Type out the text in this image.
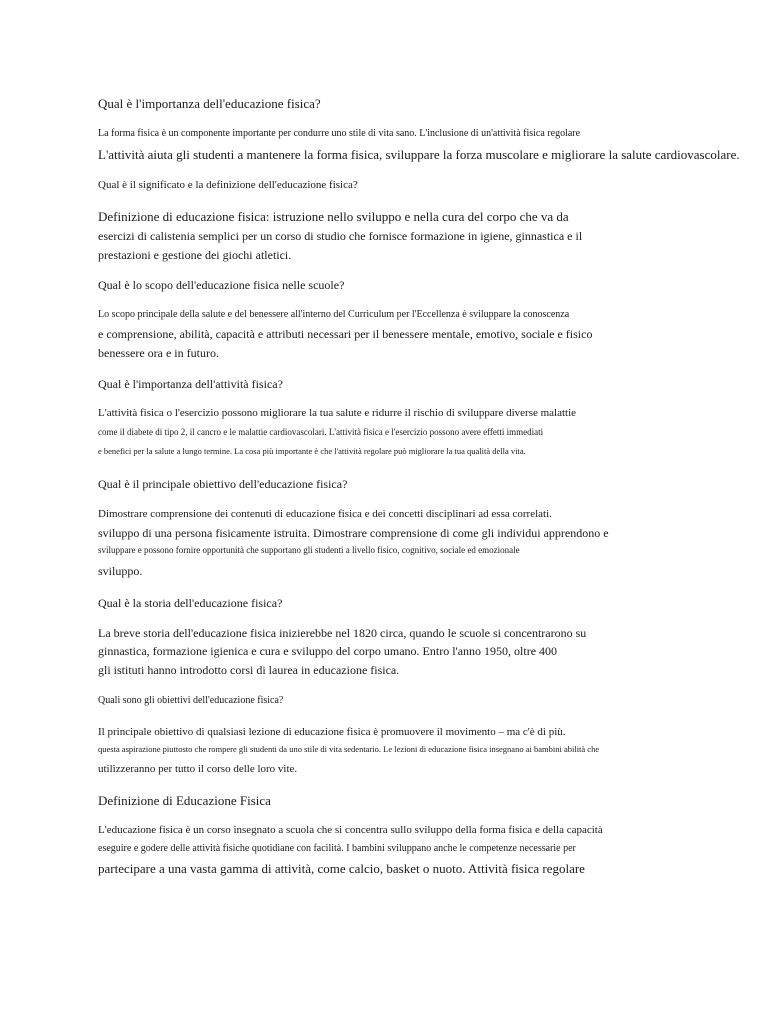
Qual è l'importanza dell'educazione fisica?
La forma fisica è un componente importante per condurre uno stile di vita sano. L'inclusione di un'attività fisica regolare
L'attività aiuta gli studenti a mantenere la forma fisica, sviluppare la forza muscolare e migliorare la salute cardiovascolare.
Qual è il significato e la definizione dell'educazione fisica?
Definizione di educazione fisica: istruzione nello sviluppo e nella cura del corpo che va da
esercizi di calistenia semplici per un corso di studio che fornisce formazione in igiene, ginnastica e il
prestazioni e gestione dei giochi atletici.
Qual è lo scopo dell'educazione fisica nelle scuole?
Lo scopo principale della salute e del benessere all'interno del Curriculum per l'Eccellenza è sviluppare la conoscenza
e comprensione, abilità, capacità e attributi necessari per il benessere mentale, emotivo, sociale e fisico
benessere ora e in futuro.
Qual è l'importanza dell'attività fisica?
L'attività fisica o l'esercizio possono migliorare la tua salute e ridurre il rischio di sviluppare diverse malattie
come il diabete di tipo 2, il cancro e le malattie cardiovascolari. L'attività fisica e l'esercizio possono avere effetti immediati
e benefici per la salute a lungo termine. La cosa più importante è che l'attività regolare può migliorare la tua qualità della vita.
Qual è il principale obiettivo dell'educazione fisica?
Dimostrare comprensione dei contenuti di educazione fisica e dei concetti disciplinari ad essa correlati.
sviluppo di una persona fisicamente istruita. Dimostrare comprensione di come gli individui apprendono e
sviluppare e possono fornire opportunità che supportano gli studenti a livello fisico, cognitivo, sociale ed emozionale
sviluppo.
Qual è la storia dell'educazione fisica?
La breve storia dell'educazione fisica inizierebbe nel 1820 circa, quando le scuole si concentrarono su
ginnastica, formazione igienica e cura e sviluppo del corpo umano. Entro l'anno 1950, oltre 400
gli istituti hanno introdotto corsi di laurea in educazione fisica.
Quali sono gli obiettivi dell'educazione fisica?
Il principale obiettivo di qualsiasi lezione di educazione fisica è promuovere il movimento – ma c'è di più.
questa aspirazione piuttosto che rompere gli studenti da uno stile di vita sedentario. Le lezioni di educazione fisica insegnano ai bambini abilità che
utilizzeranno per tutto il corso delle loro vite.
Definizione di Educazione Fisica
L'educazione fisica è un corso insegnato a scuola che si concentra sullo sviluppo della forma fisica e della capacità
eseguire e godere delle attività fisiche quotidiane con facilità. I bambini sviluppano anche le competenze necessarie per
partecipare a una vasta gamma di attività, come calcio, basket o nuoto. Attività fisica regolare
